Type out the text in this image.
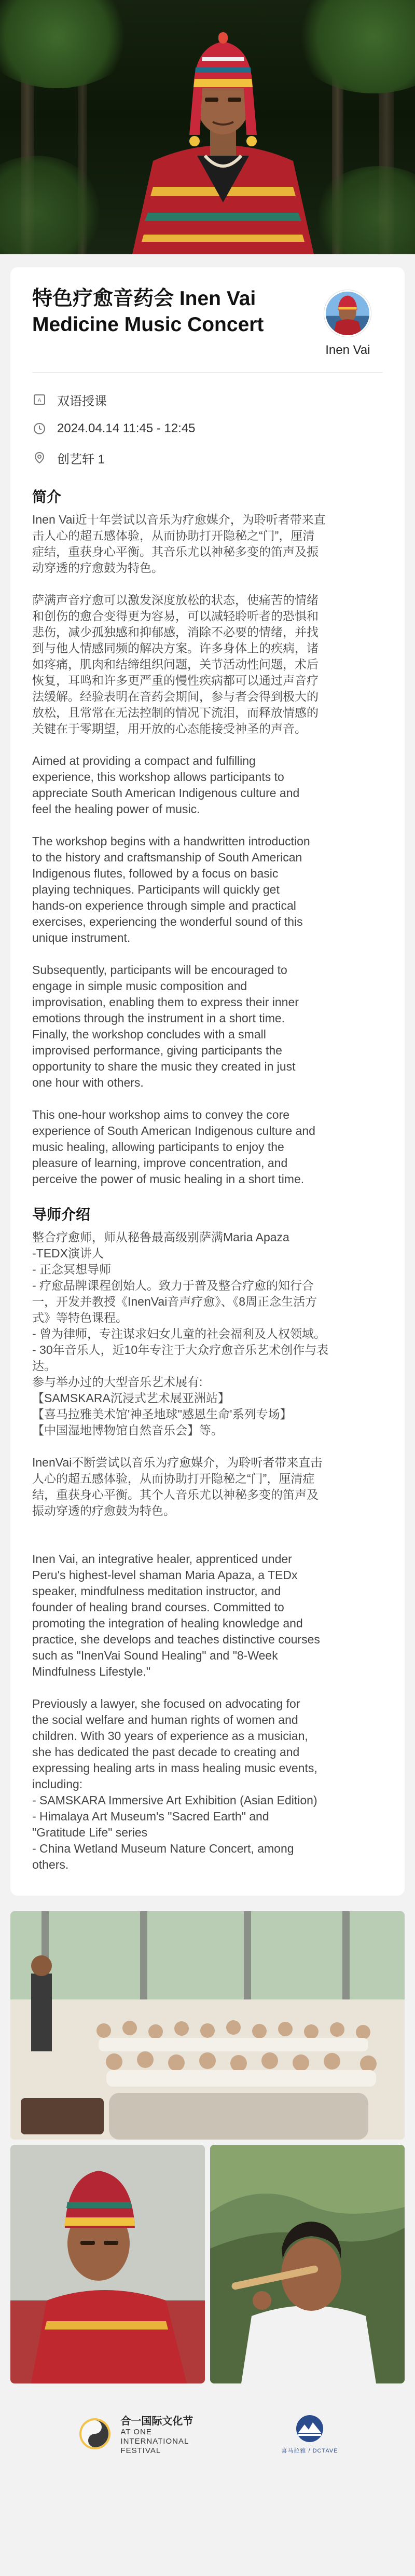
特色疗愈音药会 Inen Vai Medicine Music Concert
Inen Vai
A 双语授课
2024.04.14 11:45 - 12:45
创艺轩 1
简介

Inen Vai近十年尝试以音乐为疗愈媒介，为聆听者带来直
击人心的超五感体验，从而协助打开隐秘之“门”，厘清
症结，重获身心平衡。其音乐尤以神秘多变的笛声及振
动穿透的疗愈鼓为特色。

萨满声音疗愈可以激发深度放松的状态，使痛苦的情绪
和创伤的愈合变得更为容易，可以减轻聆听者的恐惧和
悲伤，减少孤独感和抑郁感，消除不必要的情绪，并找
到与他人情感同频的解决方案。许多身体上的疾病，诸
如疼痛，肌肉和结缔组织问题，关节活动性问题，术后
恢复，耳鸣和许多更严重的慢性疾病都可以通过声音疗
法缓解。经验表明在音药会期间，参与者会得到极大的
放松，且常常在无法控制的情况下流泪，而释放情感的
关键在于零期望，用开放的心态能接受神圣的声音。

Aimed at providing a compact and fulfilling
experience, this workshop allows participants to
appreciate South American Indigenous culture and
feel the healing power of music.

The workshop begins with a handwritten introduction
to the history and craftsmanship of South American
Indigenous flutes, followed by a focus on basic
playing techniques. Participants will quickly get
hands-on experience through simple and practical
exercises, experiencing the wonderful sound of this
unique instrument.

Subsequently, participants will be encouraged to
engage in simple music composition and
improvisation, enabling them to express their inner
emotions through the instrument in a short time.
Finally, the workshop concludes with a small
improvised performance, giving participants the
opportunity to share the music they created in just
one hour with others.

This one-hour workshop aims to convey the core
experience of South American Indigenous culture and
music healing, allowing participants to enjoy the
pleasure of learning, improve concentration, and
perceive the power of music healing in a short time.

导师介绍

整合疗愈师，师从秘鲁最高级别萨满Maria Apaza
-TEDX演讲人
- 正念冥想导师
- 疗愈品牌课程创始人。致力于普及整合疗愈的知行合
一，开发并教授《InenVai音声疗愈》、《8周正念生活方
式》等特色课程。
- 曾为律师，专注谋求妇女儿童的社会福利及人权领域。
- 30年音乐人，近10年专注于大众疗愈音乐艺术创作与表
达。
参与举办过的大型音乐艺术展有:
【SAMSKARA沉浸式艺术展亚洲站】
【喜马拉雅美术馆'神圣地球''感恩生命'系列专场】
【中国湿地博物馆自然音乐会】等。

InenVai不断尝试以音乐为疗愈媒介，为聆听者带来直击
人心的超五感体验，从而协助打开隐秘之“门”，厘清症
结，重获身心平衡。其个人音乐尤以神秘多变的笛声及
振动穿透的疗愈鼓为特色。

Inen Vai, an integrative healer, apprenticed under
Peru's highest-level shaman Maria Apaza, a TEDx
speaker, mindfulness meditation instructor, and
founder of healing brand courses. Committed to
promoting the integration of healing knowledge and
practice, she develops and teaches distinctive courses
such as "InenVai Sound Healing" and "8-Week
Mindfulness Lifestyle."

Previously a lawyer, she focused on advocating for
the social welfare and human rights of women and
children. With 30 years of experience as a musician,
she has dedicated the past decade to creating and
expressing healing arts in mass healing music events,
including:
- SAMSKARA Immersive Art Exhibition (Asian Edition)
- Himalaya Art Museum's "Sacred Earth" and
"Gratitude Life" series
- China Wetland Museum Nature Concert, among
others.

合一国际文化节
AT ONE
INTERNATIONAL
FESTIVAL	喜马拉雅 / DCTAVE
